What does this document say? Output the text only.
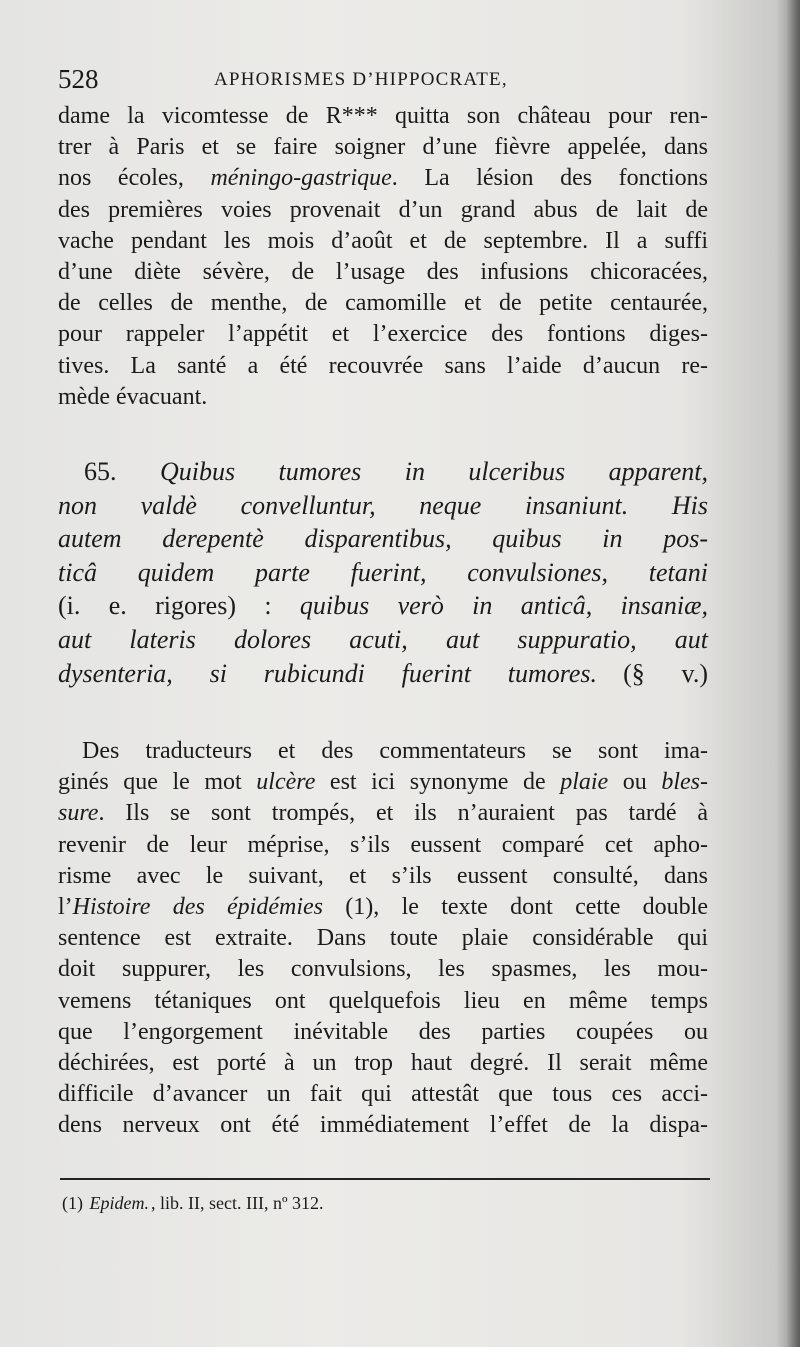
528	APHORISMES D’HIPPOCRATE,
dame la vicomtesse de R*** quitta son château pour ren-
trer à Paris et se faire soigner d’une fièvre appelée, dans
nos écoles, méningo-gastrique. La lésion des fonctions
des premières voies provenait d’un grand abus de lait de
vache pendant les mois d’août et de septembre. Il a suffi
d’une diète sévère, de l’usage des infusions chicoracées,
de celles de menthe, de camomille et de petite centaurée,
pour rappeler l’appétit et l’exercice des fontions diges-
tives. La santé a été recouvrée sans l’aide d’aucun re-
mède évacuant.
 65. Quibus tumores in ulceribus apparent,
non valdè convelluntur, neque insaniunt. His
autem derepentè disparentibus, quibus in pos-
ticâ quidem parte fuerint, convulsiones, tetani
(i. e. rigores) : quibus verò in anticâ, insaniæ,
aut lateris dolores acuti, aut suppuratio, aut
dysenteria, si rubicundi fuerint tumores.  (§ v.)
 Des traducteurs et des commentateurs se sont ima-
ginés que le mot ulcère est ici synonyme de plaie ou bles-
sure. Ils se sont trompés, et ils n’auraient pas tardé à
revenir de leur méprise, s’ils eussent comparé cet apho-
risme avec le suivant, et s’ils eussent consulté, dans
l’Histoire des épidémies (1), le texte dont cette double
sentence est extraite. Dans toute plaie considérable qui
doit suppurer, les convulsions, les spasmes, les mou-
vemens tétaniques ont quelquefois lieu en même temps
que l’engorgement inévitable des parties coupées ou
déchirées, est porté à un trop haut degré. Il serait même
difficile d’avancer un fait qui attestât que tous ces acci-
dens nerveux ont été immédiatement l’effet de la dispa-
(1) Epidem. , lib. II, sect. III, nº 312.
